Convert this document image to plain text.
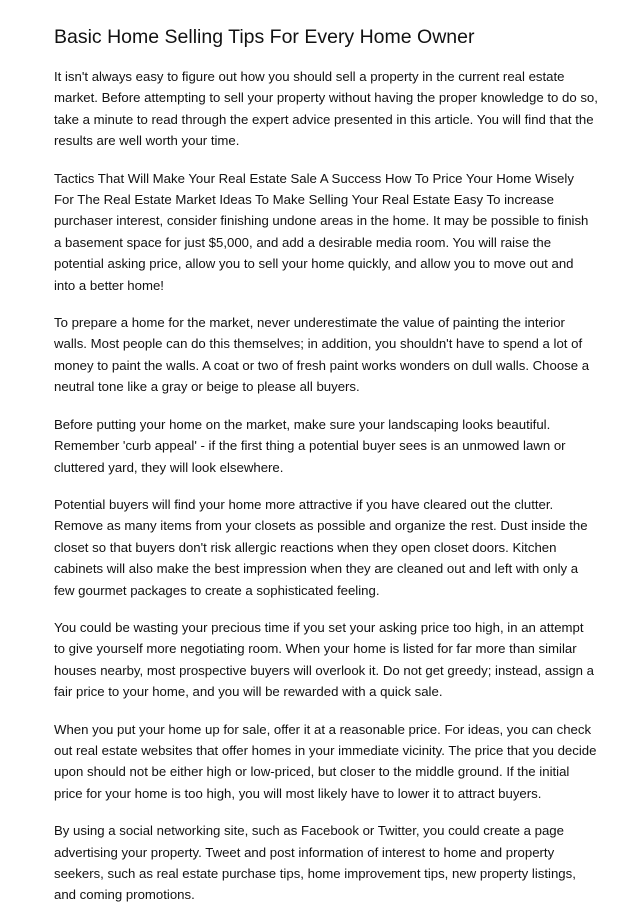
Basic Home Selling Tips For Every Home Owner

It isn't always easy to figure out how you should sell a property in the current real estate
market. Before attempting to sell your property without having the proper knowledge to do so,
take a minute to read through the expert advice presented in this article. You will find that the
results are well worth your time.

Tactics That Will Make Your Real Estate Sale A Success How To Price Your Home Wisely
For The Real Estate Market Ideas To Make Selling Your Real Estate Easy To increase
purchaser interest, consider finishing undone areas in the home. It may be possible to finish
a basement space for just $5,000, and add a desirable media room. You will raise the
potential asking price, allow you to sell your home quickly, and allow you to move out and
into a better home!

To prepare a home for the market, never underestimate the value of painting the interior
walls. Most people can do this themselves; in addition, you shouldn't have to spend a lot of
money to paint the walls. A coat or two of fresh paint works wonders on dull walls. Choose a
neutral tone like a gray or beige to please all buyers.

Before putting your home on the market, make sure your landscaping looks beautiful.
Remember 'curb appeal' - if the first thing a potential buyer sees is an unmowed lawn or
cluttered yard, they will look elsewhere.

Potential buyers will find your home more attractive if you have cleared out the clutter.
Remove as many items from your closets as possible and organize the rest. Dust inside the
closet so that buyers don't risk allergic reactions when they open closet doors. Kitchen
cabinets will also make the best impression when they are cleaned out and left with only a
few gourmet packages to create a sophisticated feeling.

You could be wasting your precious time if you set your asking price too high, in an attempt
to give yourself more negotiating room. When your home is listed for far more than similar
houses nearby, most prospective buyers will overlook it. Do not get greedy; instead, assign a
fair price to your home, and you will be rewarded with a quick sale.

When you put your home up for sale, offer it at a reasonable price. For ideas, you can check
out real estate websites that offer homes in your immediate vicinity. The price that you decide
upon should not be either high or low-priced, but closer to the middle ground. If the initial
price for your home is too high, you will most likely have to lower it to attract buyers.

By using a social networking site, such as Facebook or Twitter, you could create a page
advertising your property. Tweet and post information of interest to home and property
seekers, such as real estate purchase tips, home improvement tips, new property listings,
and coming promotions.
